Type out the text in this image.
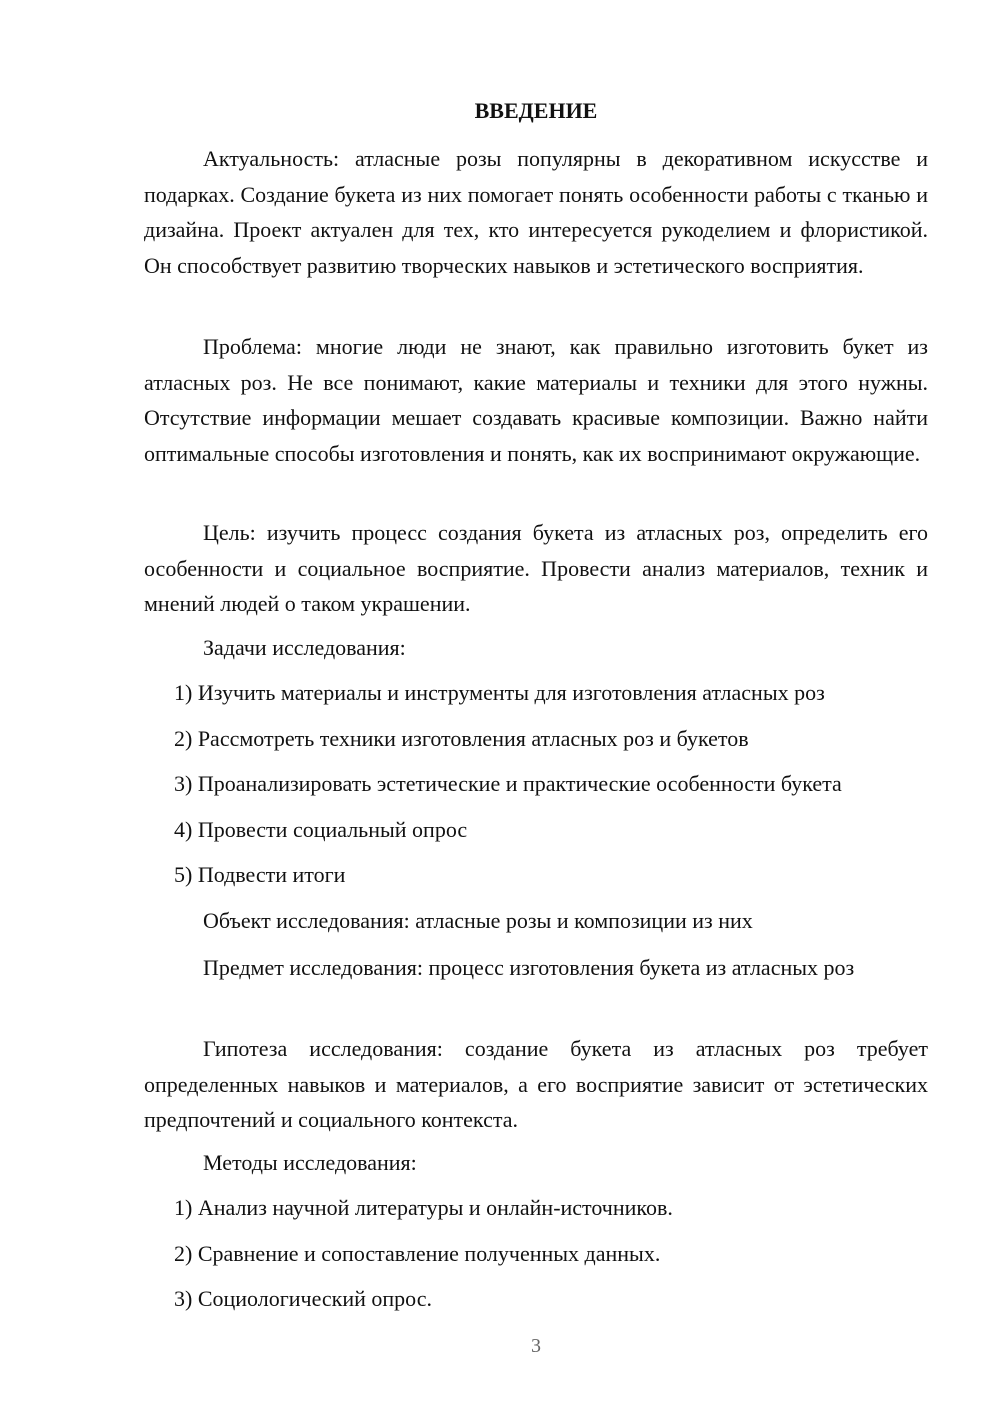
ВВЕДЕНИЕ

Актуальность: атласные розы популярны в декоративном искусстве и подарках. Создание букета из них помогает понять особенности работы с тканью и дизайна. Проект актуален для тех, кто интересуется рукоделием и флористикой. Он способствует развитию творческих навыков и эстетического восприятия.

Проблема: многие люди не знают, как правильно изготовить букет из атласных роз. Не все понимают, какие материалы и техники для этого нужны. Отсутствие информации мешает создавать красивые композиции. Важно найти оптимальные способы изготовления и понять, как их воспринимают окружающие.

Цель: изучить процесс создания букета из атласных роз, определить его особенности и социальное восприятие. Провести анализ материалов, техник и мнений людей о таком украшении.

Задачи исследования:

1) Изучить материалы и инструменты для изготовления атласных роз

2) Рассмотреть техники изготовления атласных роз и букетов

3) Проанализировать эстетические и практические особенности букета

4) Провести социальный опрос

5) Подвести итоги

Объект исследования: атласные розы и композиции из них

Предмет исследования: процесс изготовления букета из атласных роз

Гипотеза исследования: создание букета из атласных роз требует определенных навыков и материалов, а его восприятие зависит от эстетических предпочтений и социального контекста.

Методы исследования:

1) Анализ научной литературы и онлайн-источников.

2) Сравнение и сопоставление полученных данных.

3) Социологический опрос.

3
